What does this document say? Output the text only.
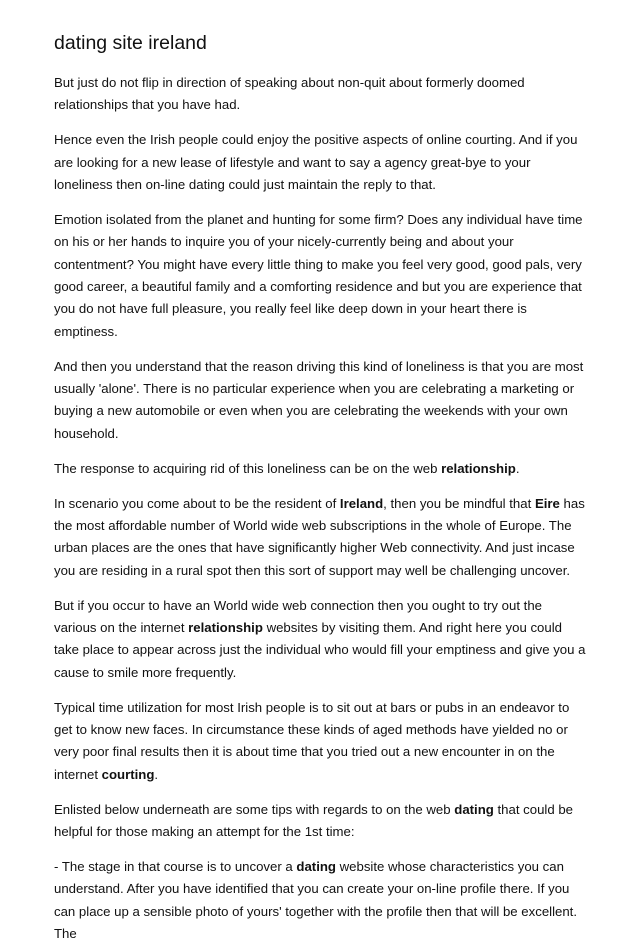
dating site ireland

But just do not flip in direction of speaking about non-quit about formerly doomed relationships that you have had.

Hence even the Irish people could enjoy the positive aspects of online courting. And if you are looking for a new lease of lifestyle and want to say a agency great-bye to your loneliness then on-line dating could just maintain the reply to that.

Emotion isolated from the planet and hunting for some firm? Does any individual have time on his or her hands to inquire you of your nicely-currently being and about your contentment? You might have every little thing to make you feel very good, good pals, very good career, a beautiful family and a comforting residence and but you are experience that you do not have full pleasure, you really feel like deep down in your heart there is emptiness.

And then you understand that the reason driving this kind of loneliness is that you are most usually 'alone'. There is no particular experience when you are celebrating a marketing or buying a new automobile or even when you are celebrating the weekends with your own household.

The response to acquiring rid of this loneliness can be on the web relationship.

In scenario you come about to be the resident of Ireland, then you be mindful that Eire has the most affordable number of World wide web subscriptions in the whole of Europe. The urban places are the ones that have significantly higher Web connectivity. And just incase you are residing in a rural spot then this sort of support may well be challenging uncover.

But if you occur to have an World wide web connection then you ought to try out the various on the internet relationship websites by visiting them. And right here you could take place to appear across just the individual who would fill your emptiness and give you a cause to smile more frequently.

Typical time utilization for most Irish people is to sit out at bars or pubs in an endeavor to get to know new faces. In circumstance these kinds of aged methods have yielded no or very poor final results then it is about time that you tried out a new encounter in on the internet courting.

Enlisted below underneath are some tips with regards to on the web dating that could be helpful for those making an attempt for the 1st time:

- The stage in that course is to uncover a dating website whose characteristics you can understand. After you have identified that you can create your on-line profile there. If you can place up a sensible photo of yours' together with the profile then that will be excellent. The
